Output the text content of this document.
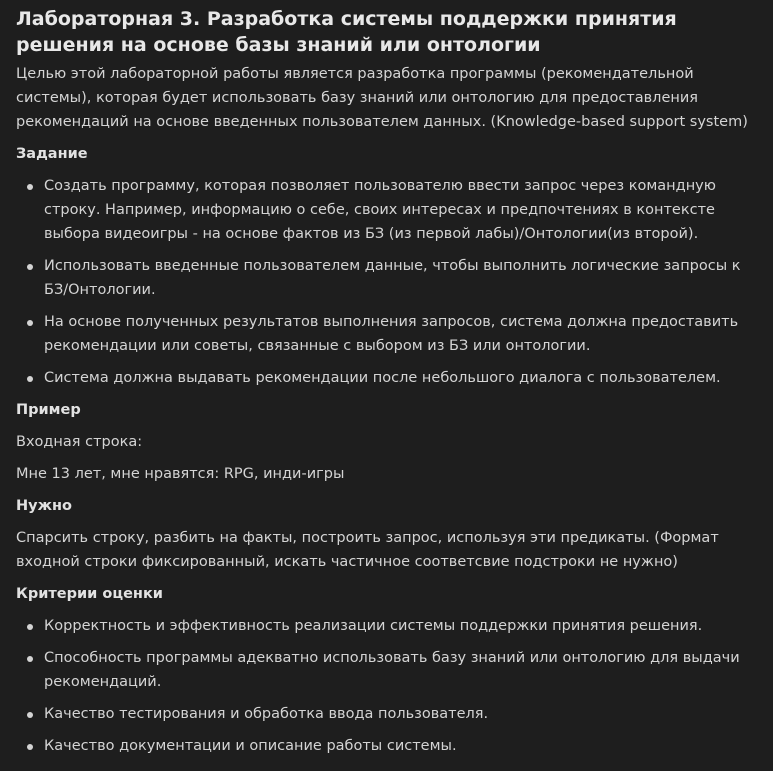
Лабораторная 3. Разработка системы поддержки принятия решения на основе базы знаний или онтологии

Целью этой лабораторной работы является разработка программы (рекомендательной системы), которая будет использовать базу знаний или онтологию для предоставления рекомендаций на основе введенных пользователем данных. (Knowledge-based support system)

Задание
Создать программу, которая позволяет пользователю ввести запрос через командную строку. Например, информацию о себе, своих интересах и предпочтениях в контексте выбора видеоигры - на основе фактов из БЗ (из первой лабы)/Онтологии(из второй).
Использовать введенные пользователем данные, чтобы выполнить логические запросы к БЗ/Онтологии.
На основе полученных результатов выполнения запросов, система должна предоставить рекомендации или советы, связанные с выбором из БЗ или онтологии.
Система должна выдавать рекомендации после небольшого диалога с пользователем.
Пример

Входная строка:

Мне 13 лет, мне нравятся: RPG, инди-игры

Нужно

Спарсить строку, разбить на факты, построить запрос, используя эти предикаты. (Формат входной строки фиксированный, искать частичное соответсвие подстроки не нужно)

Критерии оценки
Корректность и эффективность реализации системы поддержки принятия решения.
Способность программы адекватно использовать базу знаний или онтологию для выдачи рекомендаций.
Качество тестирования и обработка ввода пользователя.
Качество документации и описание работы системы.
